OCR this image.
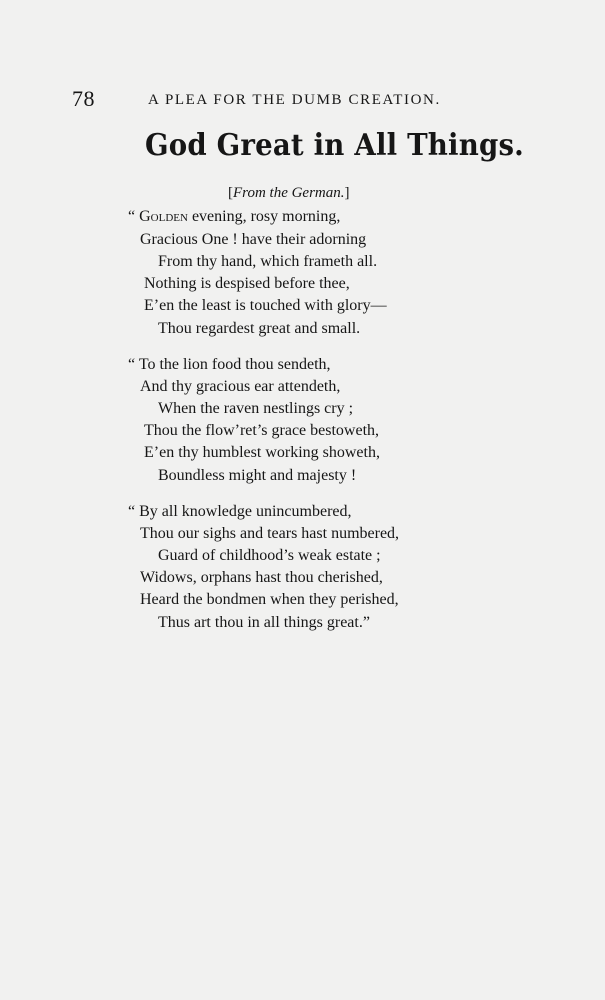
78	A PLEA FOR THE DUMB CREATION.
God Great in All Things.
[From the German.]
“ Golden evening, rosy morning,
Gracious One ! have their adorning
From thy hand, which frameth all.
Nothing is despised before thee,
E’en the least is touched with glory—
Thou regardest great and small.
“ To the lion food thou sendeth,
And thy gracious ear attendeth,
When the raven nestlings cry ;
Thou the flow’ret’s grace bestoweth,
E’en thy humblest working showeth,
Boundless might and majesty !
“ By all knowledge unincumbered,
Thou our sighs and tears hast numbered,
Guard of childhood’s weak estate ;
Widows, orphans hast thou cherished,
Heard the bondmen when they perished,
Thus art thou in all things great.”
